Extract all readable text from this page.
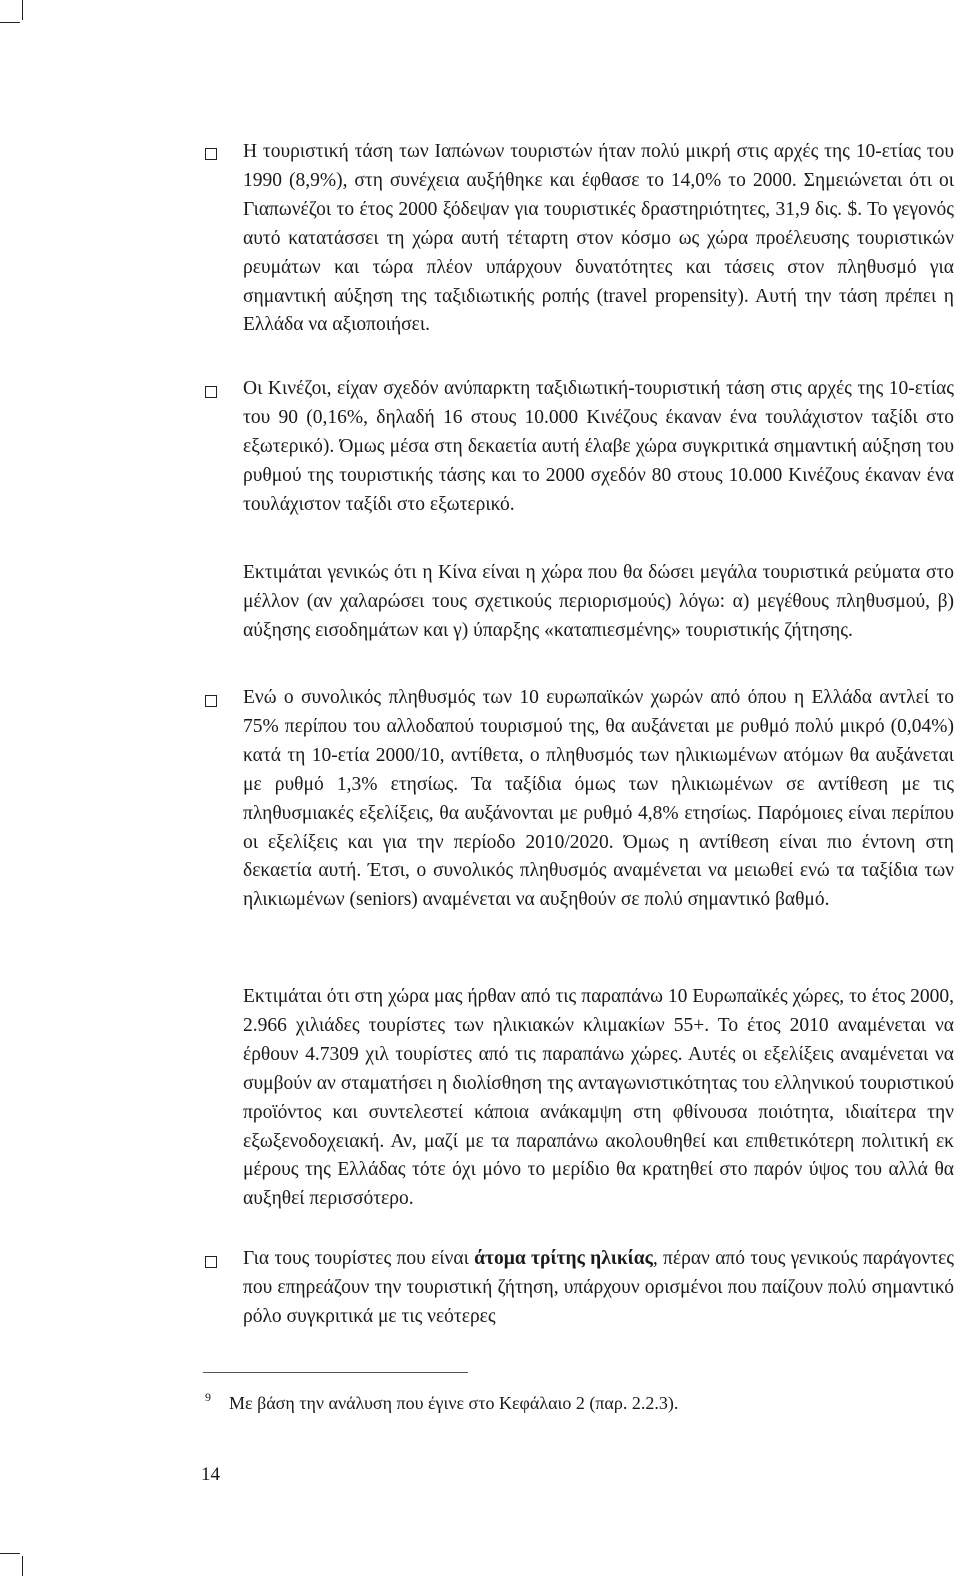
Η τουριστική τάση των Ιαπώνων τουριστών ήταν πολύ μικρή στις αρχές της 10-ετίας του 1990 (8,9%), στη συνέχεια αυξήθηκε και έφθασε το 14,0% το 2000. Σημειώνεται ότι οι Γιαπωνέζοι το έτος 2000 ξόδεψαν για τουριστικές δραστηριότητες, 31,9 δις. $. Το γεγονός αυτό κατατάσσει τη χώρα αυτή τέταρτη στον κόσμο ως χώρα προέλευσης τουριστικών ρευμάτων και τώρα πλέον υπάρχουν δυνατότητες και τάσεις στον πληθυσμό για σημαντική αύξηση της ταξιδιωτικής ροπής (travel propensity). Αυτή την τάση πρέπει η Ελλάδα να αξιοποιήσει.

Οι Κινέζοι, είχαν σχεδόν ανύπαρκτη ταξιδιωτική-τουριστική τάση στις αρχές της 10-ετίας του 90 (0,16%, δηλαδή 16 στους 10.000 Κινέζους έκαναν ένα τουλάχιστον ταξίδι στο εξωτερικό). Όμως μέσα στη δεκαετία αυτή έλαβε χώρα συγκριτικά σημαντική αύξηση του ρυθμού της τουριστικής τάσης και το 2000 σχεδόν 80 στους 10.000 Κινέζους έκαναν ένα τουλάχιστον ταξίδι στο εξωτερικό.

Εκτιμάται γενικώς ότι η Κίνα είναι η χώρα που θα δώσει μεγάλα τουριστικά ρεύματα στο μέλλον (αν χαλαρώσει τους σχετικούς περιορισμούς) λόγω: α) μεγέθους πληθυσμού, β) αύξησης εισοδημάτων και γ) ύπαρξης «καταπιεσμένης» τουριστικής ζήτησης.

Ενώ ο συνολικός πληθυσμός των 10 ευρωπαϊκών χωρών από όπου η Ελλάδα αντλεί το 75% περίπου του αλλοδαπού τουρισμού της, θα αυξάνεται με ρυθμό πολύ μικρό (0,04%) κατά τη 10-ετία 2000/10, αντίθετα, ο πληθυσμός των ηλικιωμένων ατόμων θα αυξάνεται με ρυθμό 1,3% ετησίως. Τα ταξίδια όμως των ηλικιωμένων σε αντίθεση με τις πληθυσμιακές εξελίξεις, θα αυξάνονται με ρυθμό 4,8% ετησίως. Παρόμοιες είναι περίπου οι εξελίξεις και για την περίοδο 2010/2020. Όμως η αντίθεση είναι πιο έντονη στη δεκαετία αυτή. Έτσι, ο συνολικός πληθυσμός αναμένεται να μειωθεί ενώ τα ταξίδια των ηλικιωμένων (seniors) αναμένεται να αυξηθούν σε πολύ σημαντικό βαθμό.

Εκτιμάται ότι στη χώρα μας ήρθαν από τις παραπάνω 10 Ευρωπαϊκές χώρες, το έτος 2000, 2.966 χιλιάδες τουρίστες των ηλικιακών κλιμακίων 55+. Το έτος 2010 αναμένεται να έρθουν 4.7309 χιλ τουρίστες από τις παραπάνω χώρες. Αυτές οι εξελίξεις αναμένεται να συμβούν αν σταματήσει η διολίσθηση της ανταγωνιστικότητας του ελληνικού τουριστικού προϊόντος και συντελεστεί κάποια ανάκαμψη στη φθίνουσα ποιότητα, ιδιαίτερα την εξωξενοδοχειακή. Αν, μαζί με τα παραπάνω ακολουθηθεί και επιθετικότερη πολιτική εκ μέρους της Ελλάδας τότε όχι μόνο το μερίδιο θα κρατηθεί στο παρόν ύψος του αλλά θα αυξηθεί περισσότερο.

Για τους τουρίστες που είναι άτομα τρίτης ηλικίας, πέραν από τους γενικούς παράγοντες που επηρεάζουν την τουριστική ζήτηση, υπάρχουν ορισμένοι που παίζουν πολύ σημαντικό ρόλο συγκριτικά με τις νεότερες

9 Με βάση την ανάλυση που έγινε στο Κεφάλαιο 2 (παρ. 2.2.3).
14
